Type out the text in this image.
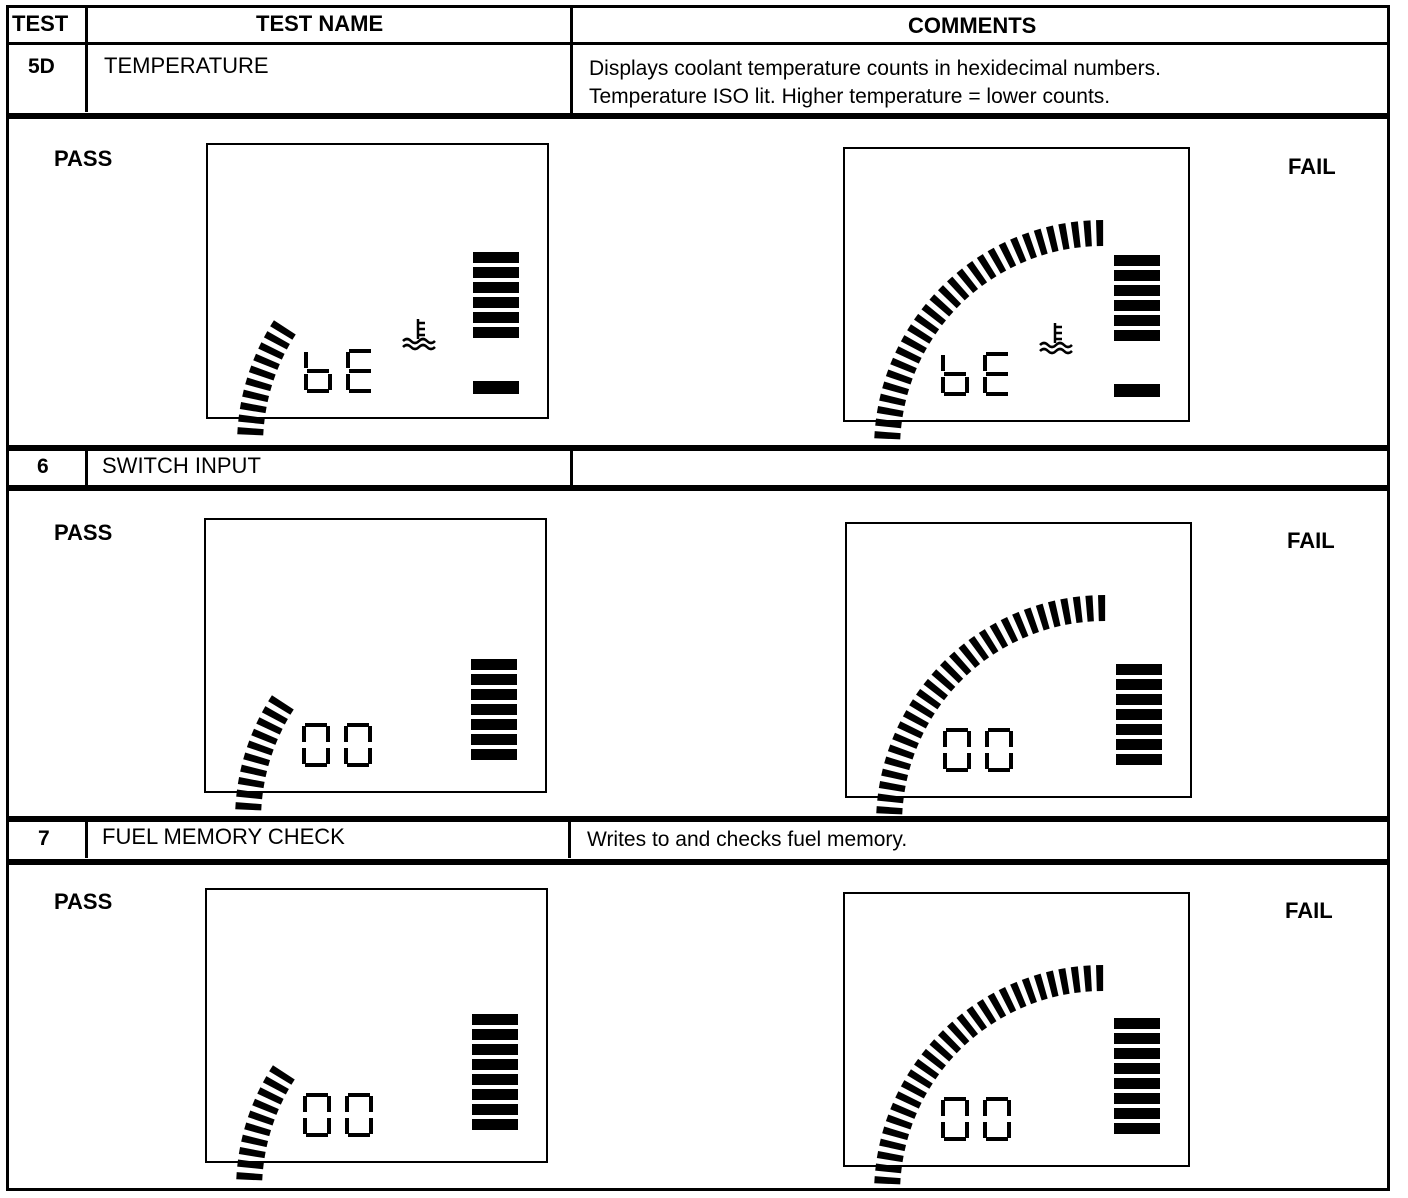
TEST	TEST NAME	COMMENTS
5D TEMPERATURE	Displays coolant temperature counts in hexidecimal numbers.
Temperature ISO lit. Higher temperature = lower counts.
PASS	FAIL
6 SWITCH INPUT
PASS	FAIL
7 FUEL MEMORY CHECK	Writes to and checks fuel memory.
PASS	FAIL
